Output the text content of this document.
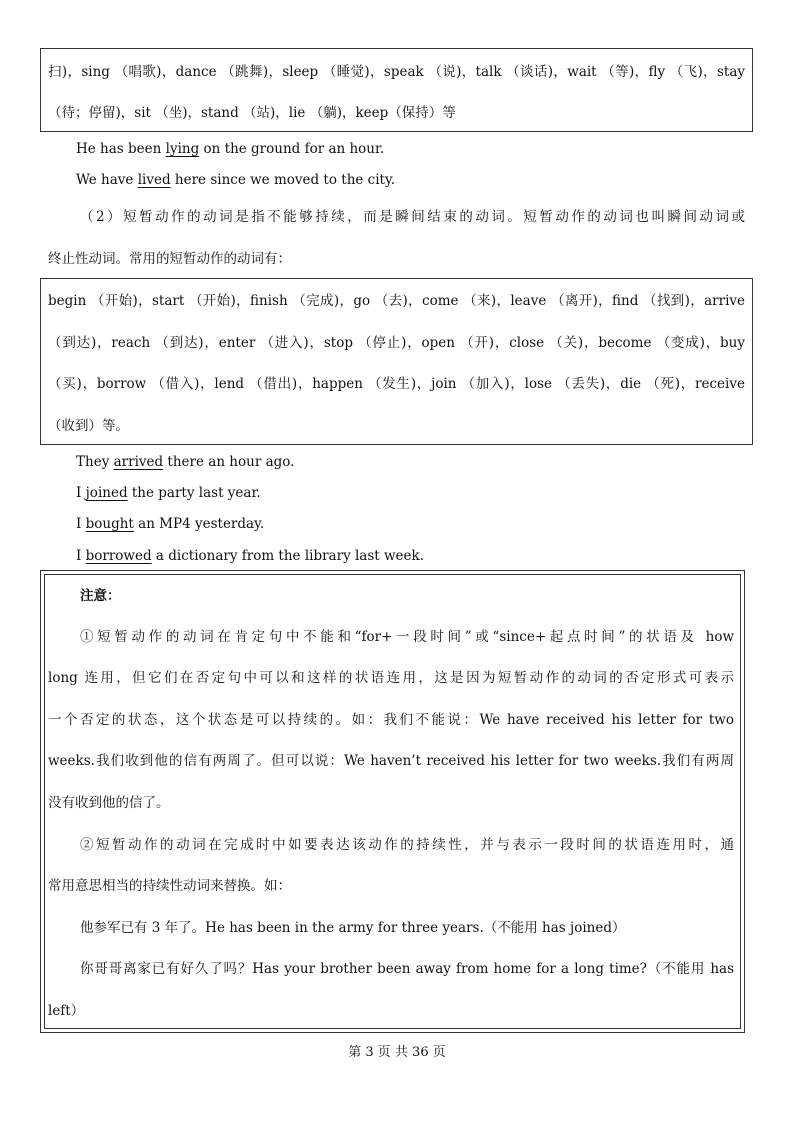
扫)，sing （唱歌)，dance （跳舞)，sleep （睡觉)，speak （说)，talk （谈话)，wait （等)，fly （飞)，stay
（待；停留)，sit （坐)，stand （站)，lie （躺)，keep（保持）等
He has been lying on the ground for an hour.
We have lived here since we moved to the city.
（2）短暂动作的动词是指不能够持续，而是瞬间结束的动词。短暂动作的动词也叫瞬间动词或
终止性动词。常用的短暂动作的动词有：
begin （开始)，start （开始)，finish （完成)，go （去)，come （来)，leave （离开)，find （找到)，arrive
（到达)，reach （到达)，enter （进入)，stop （停止)，open （开)，close （关)，become （变成)，buy
（买)，borrow （借入)，lend （借出)，happen （发生)，join （加入)，lose （丢失)，die （死)，receive
（收到）等。
They arrived there an hour ago.
I joined the party last year.
I bought an MP4 yesterday.
I borrowed a dictionary from the library last week.
注意：
①短暂动作的动词在肯定句中不能和“for+一段时间”或“since+起点时间”的状语及 how
long 连用，但它们在否定句中可以和这样的状语连用，这是因为短暂动作的动词的否定形式可表示
一个否定的状态，这个状态是可以持续的。如：我们不能说：We have received his letter for two
weeks.我们收到他的信有两周了。但可以说：We haven’t received his letter for two weeks.我们有两周
没有收到他的信了。
②短暂动作的动词在完成时中如要表达该动作的持续性，并与表示一段时间的状语连用时，通
常用意思相当的持续性动词来替换。如：
他参军已有 3 年了。He has been in the army for three years.（不能用 has joined）
你哥哥离家已有好久了吗？Has your brother been away from home for a long time?（不能用 has
left）
第 3 页 共 36 页
